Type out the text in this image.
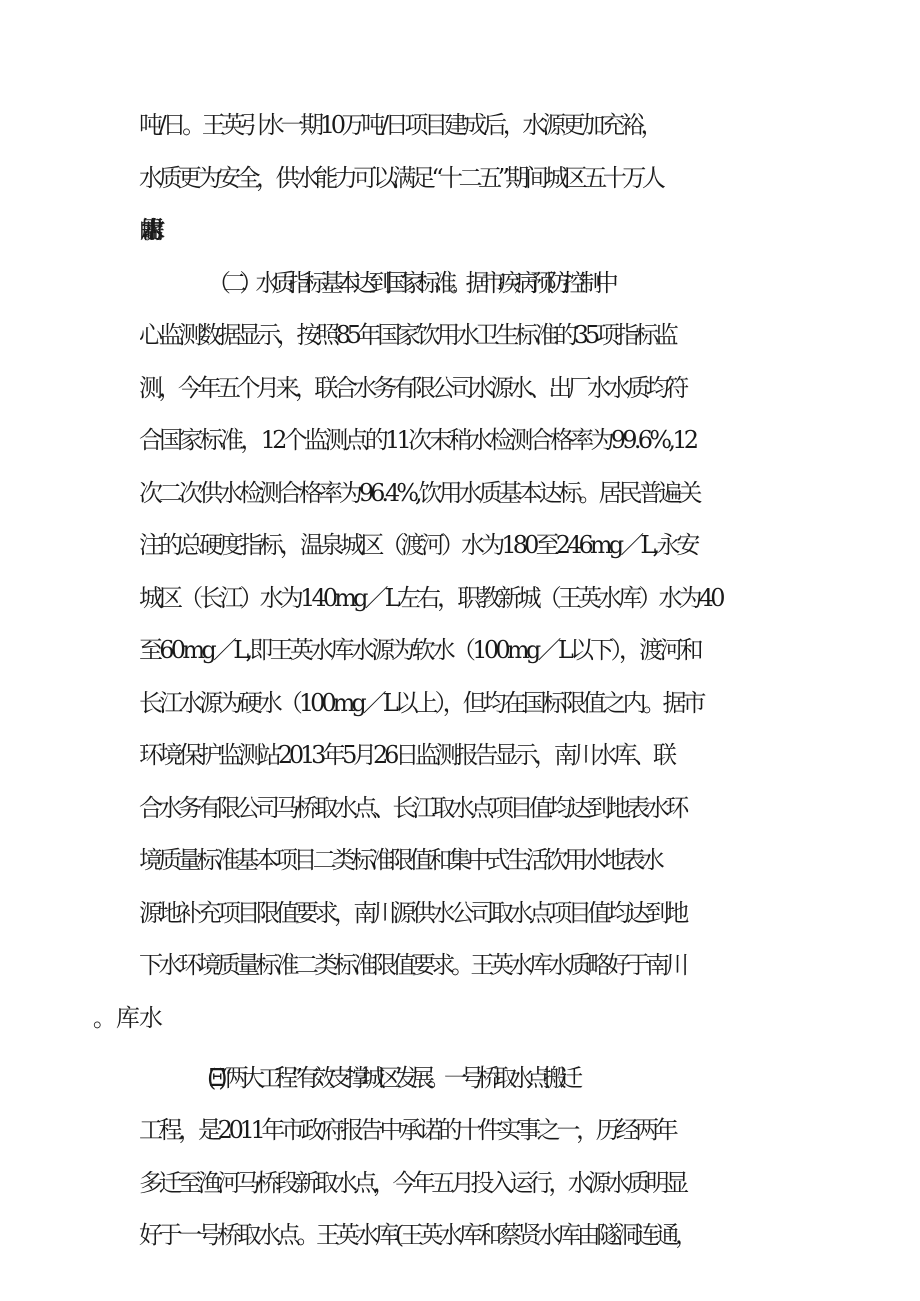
吨/日。王英引水一期10万吨/日项目建成后，水源更加充裕，
水质更为安全，供水能力可以满足“十二五”期间城区五十万人
的用水需求。
（二）水质指标基本达到国家标准。据市疾病预防控制中
心监测数据显示，按照85年国家饮用水卫生标准的35项指标监
测，今年五个月来，联合水务有限公司水源水、出厂水水质均符
合国家标准，12个监测点的11次末稍水检测合格率为99.6%,12
次二次供水检测合格率为96.4%,饮用水质基本达标。居民普遍关
注的总硬度指标，温泉城区（渡河）水为180至246mg／L,永安
城区（长江）水为140mg／L左右，职教新城（王英水库）水为40
至60mg／L,即王英水库水源为软水（100mg／L以下），渡河和
长江水源为硬水（100mg／L以上），但均在国标限值之内。据市
环境保护监测站2013年5月26日监测报告显示，南川水库、联
合水务有限公司马桥取水点、长江取水点项目值均达到地表水环
境质量标准基本项目二类标准限值和集中式生活饮用水地表水
源地补充项目限值要求，南川源供水公司取水点项目值均达到地
下水环境质量标准二类标准限值要求。王英水库水质略好于南川
(Ξ)“两大工程”有效支撑城区发展。一号桥取水点搬迁
工程，是2011年市政府报告中承诺的十件实事之一，历经两年
多迁至渔河马桥段新取水点，今年五月投入运行，水源水质明显
好于一号桥取水点。王英水库(王英水库和蔡贤水库由隧洞连通，
